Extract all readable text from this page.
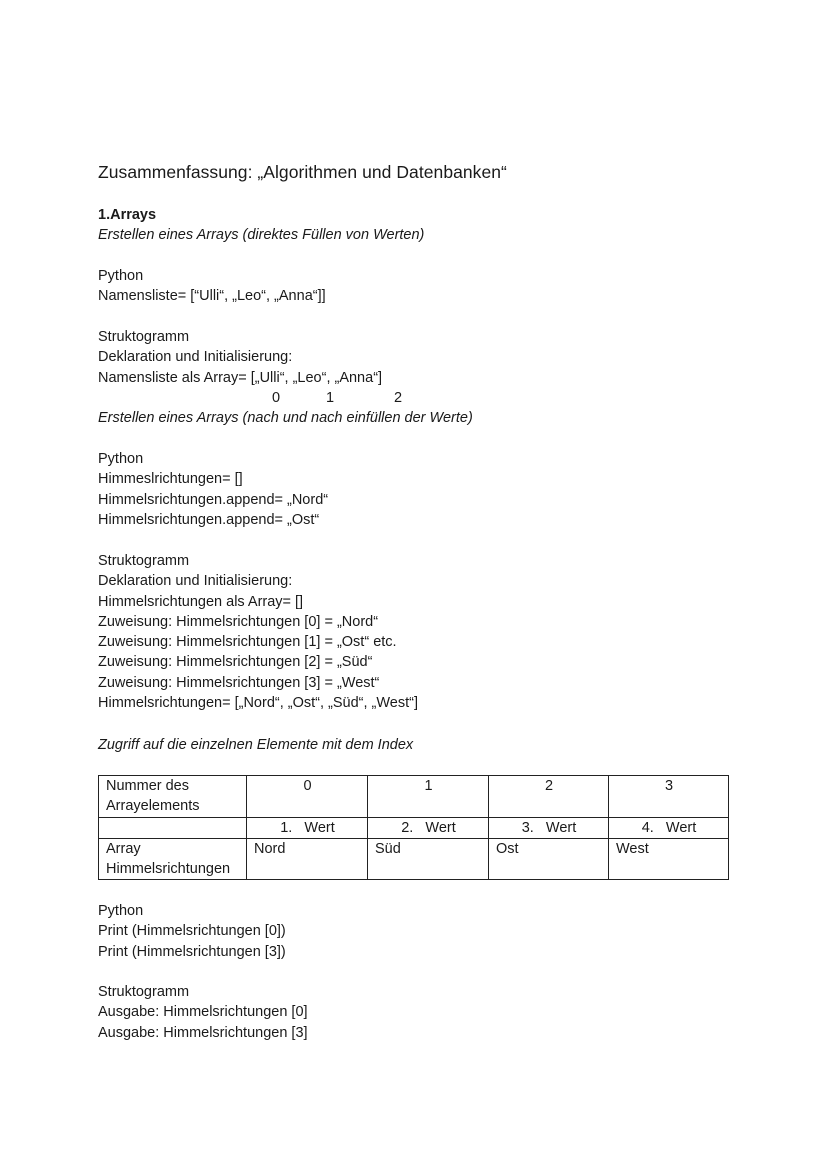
Zusammenfassung: „Algorithmen und Datenbanken“
1.Arrays
Erstellen eines Arrays (direktes Füllen von Werten)
Python
Namensliste= [“Ulli“, „Leo“, „Anna“]]
Struktogramm
Deklaration und Initialisierung:
Namensliste als Array= [„Ulli“, „Leo“, „Anna“]
0	1	2
Erstellen eines Arrays (nach und nach einfüllen der Werte)
Python
Himmeslrichtungen= []
Himmelsrichtungen.append= „Nord“
Himmelsrichtungen.append= „Ost“
Struktogramm
Deklaration und Initialisierung:
Himmelsrichtungen als Array= []
Zuweisung: Himmelsrichtungen [0] = „Nord“
Zuweisung: Himmelsrichtungen [1] = „Ost“ etc.
Zuweisung: Himmelsrichtungen [2] = „Süd“
Zuweisung: Himmelsrichtungen [3] = „West“
Himmelsrichtungen= [„Nord“, „Ost“, „Süd“, „West“]
Zugriff auf die einzelnen Elemente mit dem Index
Nummer des Arrayelements	0	1	2	3
	1.   Wert	2.   Wert	3.   Wert	4.   Wert
Array Himmelsrichtungen	Nord	Süd	Ost	West
Python
Print (Himmelsrichtungen [0])
Print (Himmelsrichtungen [3])
Struktogramm
Ausgabe: Himmelsrichtungen [0]
Ausgabe: Himmelsrichtungen [3]
